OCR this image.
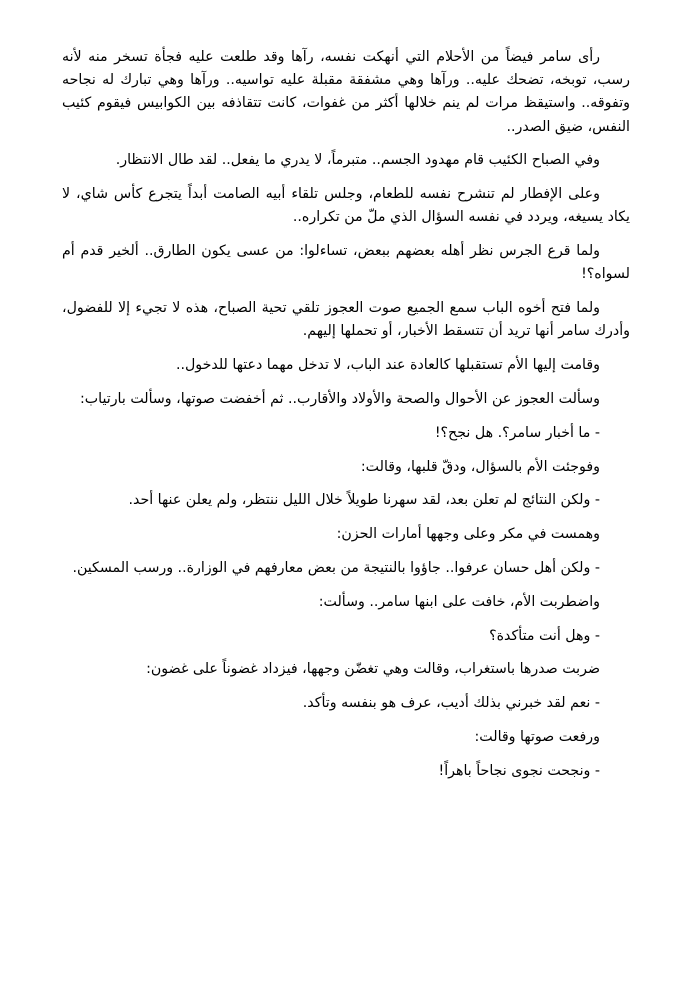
رأى سامر فيضاً من الأحلام التي أنهكت نفسه، رآها وقد طلعت عليه فجأة تسخر منه لأنه رسب، توبخه، تضحك عليه.. ورآها وهي مشفقة مقبلة عليه تواسيه.. ورآها وهي تبارك له نجاحه وتفوقه.. واستيقظ مرات لم ينم خلالها أكثر من غفوات، كانت تتقاذفه بين الكوابيس فيقوم كئيب النفس، ضيق الصدر..

وفي الصباح الكئيب قام مهدود الجسم.. متبرماً، لا يدري ما يفعل.. لقد طال الانتظار.

وعلى الإفطار لم تنشرح نفسه للطعام، وجلس تلقاء أبيه الصامت أبداً يتجرع كأس شاي، لا يكاد يسيغه، ويردد في نفسه السؤال الذي ملّ من تكراره..

ولما قرع الجرس نظر أهله بعضهم ببعض، تساءلوا: من عسى يكون الطارق.. ألخير قدم أم لسواه؟!

ولما فتح أخوه الباب سمع الجميع صوت العجوز تلقي تحية الصباح، هذه لا تجيء إلا للفضول، وأدرك سامر أنها تريد أن تتسقط الأخبار، أو تحملها إليهم.

وقامت إليها الأم تستقبلها كالعادة عند الباب، لا تدخل مهما دعتها للدخول..

وسألت العجوز عن الأحوال والصحة والأولاد والأقارب.. ثم أخفضت صوتها، وسألت بارتياب:

- ما أخبار سامر؟. هل نجح؟!

وفوجئت الأم بالسؤال، ودقّ قلبها، وقالت:

- ولكن النتائج لم تعلن بعد، لقد سهرنا طويلاً خلال الليل ننتظر، ولم يعلن عنها أحد.

وهمست في مكر وعلى وجهها أمارات الحزن:

- ولكن أهل حسان عرفوا.. جاؤوا بالنتيجة من بعض معارفهم في الوزارة.. ورسب المسكين.

واضطربت الأم، خافت على ابنها سامر.. وسألت:

- وهل أنت متأكدة؟

ضربت صدرها باستغراب، وقالت وهي تغضّن وجهها، فيزداد غضوناً على غضون:

- نعم لقد خبرني بذلك أديب، عرف هو بنفسه وتأكد.

ورفعت صوتها وقالت:

- ونجحت نجوى نجاحاً باهراً!
